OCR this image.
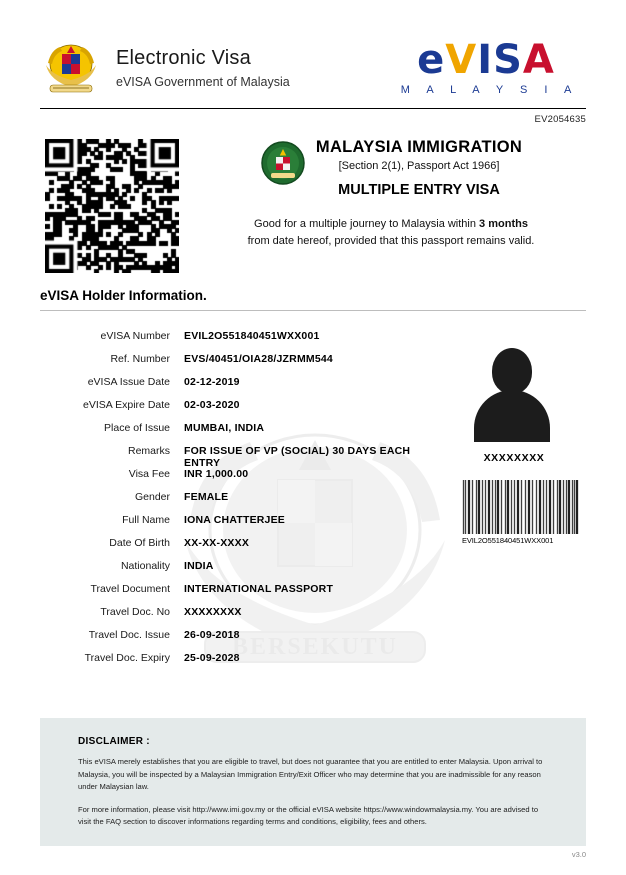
Electronic Visa
eVISA Government of Malaysia	eVISA
M A L A Y S I A
EV2054635
MALAYSIA IMMIGRATION
[Section 2(1), Passport Act 1966]
MULTIPLE ENTRY VISA
Good for a multiple journey to Malaysia within 3 months
from date hereof, provided that this passport remains valid.
eVISA Holder Information.
BERSEKUTU
eVISA Number	EVIL2O551840451WXX001
Ref. Number	EVS/40451/OIA28/JZRMM544
eVISA Issue Date	02-12-2019
eVISA Expire Date	02-03-2020
Place of Issue	MUMBAI, INDIA
Remarks	FOR ISSUE OF VP (SOCIAL) 30 DAYS EACH ENTRY
Visa Fee	INR 1,000.00
Gender	FEMALE
Full Name	IONA CHATTERJEE
Date Of Birth	XX-XX-XXXX
Nationality	INDIA
Travel Document	INTERNATIONAL PASSPORT
Travel Doc. No	XXXXXXXX
Travel Doc. Issue	26-09-2018
Travel Doc. Expiry	25-09-2028
XXXXXXXX
EVIL2O551840451WXX001
DISCLAIMER :

This eVISA merely establishes that you are eligible to travel, but does not guarantee that you are entitled to enter Malaysia. Upon arrival to Malaysia, you will be inspected by a Malaysian Immigration Entry/Exit Officer who may determine that you are inadmissible for any reason under Malaysian law.

For more information, please visit http://www.imi.gov.my or the official eVISA website https://www.windowmalaysia.my. You are advised to visit the FAQ section to discover informations regarding terms and conditions, eligibility, fees and others.

v3.0
